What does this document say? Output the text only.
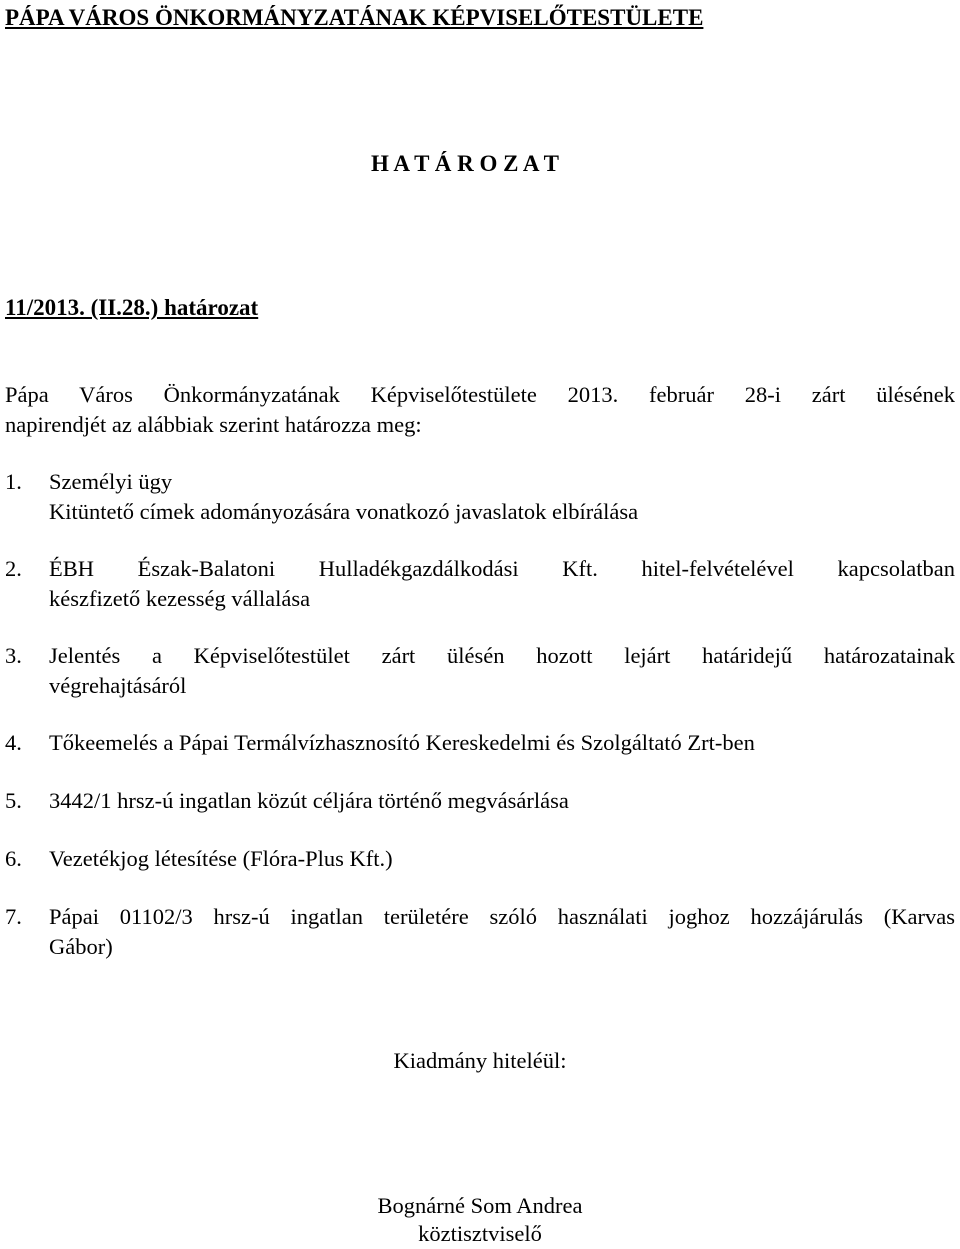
PÁPA VÁROS ÖNKORMÁNYZATÁNAK KÉPVISELŐTESTÜLETE
H A T Á R O Z A T
11/2013. (II.28.) határozat
Pápa Város Önkormányzatának Képviselőtestülete 2013. február 28-i zárt ülésének
napirendjét az alábbiak szerint határozza meg:
1. Személyi ügy
Kitüntető címek adományozására vonatkozó javaslatok elbírálása
2. ÉBH Észak-Balatoni Hulladékgazdálkodási Kft. hitel-felvételével kapcsolatban
készfizető kezesség vállalása
3. Jelentés a Képviselőtestület zárt ülésén hozott lejárt határidejű határozatainak
végrehajtásáról
4. Tőkeemelés a Pápai Termálvízhasznosító Kereskedelmi és Szolgáltató Zrt-ben
5. 3442/1 hrsz-ú ingatlan közút céljára történő megvásárlása
6. Vezetékjog létesítése (Flóra-Plus Kft.)
7. Pápai 01102/3 hrsz-ú ingatlan területére szóló használati joghoz hozzájárulás (Karvas
Gábor)
Kiadmány hiteléül:
Bognárné Som Andrea
köztisztviselő
